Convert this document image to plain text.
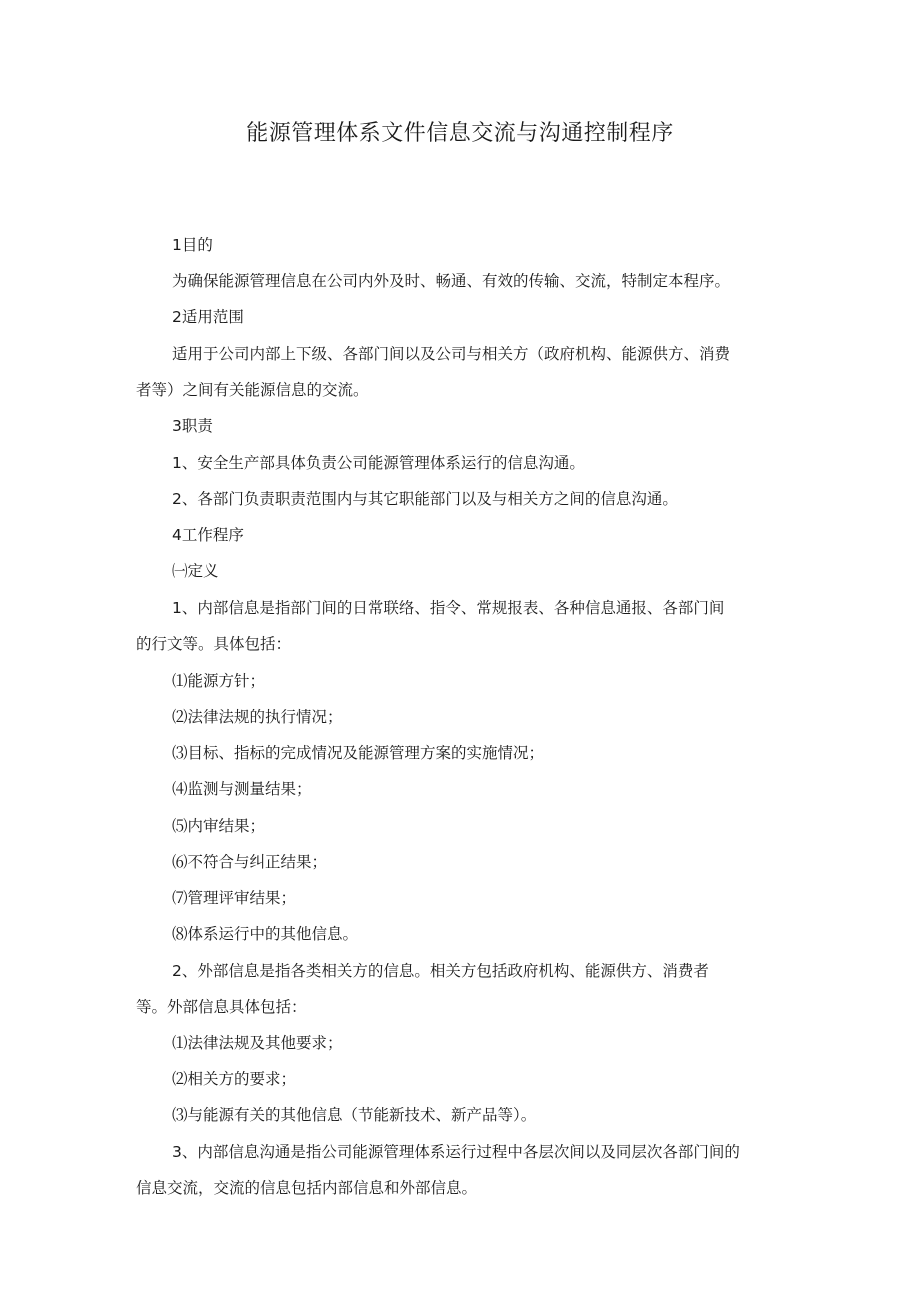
能源管理体系文件信息交流与沟通控制程序

1目的

为确保能源管理信息在公司内外及时、畅通、有效的传输、交流，特制定本程序。

2适用范围

适用于公司内部上下级、各部门间以及公司与相关方（政府机构、能源供方、消费

者等）之间有关能源信息的交流。

3职责

1、安全生产部具体负责公司能源管理体系运行的信息沟通。

2、各部门负责职责范围内与其它职能部门以及与相关方之间的信息沟通。

4工作程序

㈠定义

1、内部信息是指部门间的日常联络、指令、常规报表、各种信息通报、各部门间

的行文等。具体包括：

⑴能源方针；

⑵法律法规的执行情况；

⑶目标、指标的完成情况及能源管理方案的实施情况；

⑷监测与测量结果；

⑸内审结果；

⑹不符合与纠正结果；

⑺管理评审结果；

⑻体系运行中的其他信息。

2、外部信息是指各类相关方的信息。相关方包括政府机构、能源供方、消费者

等。外部信息具体包括：

⑴法律法规及其他要求；

⑵相关方的要求；

⑶与能源有关的其他信息（节能新技术、新产品等）。

3、内部信息沟通是指公司能源管理体系运行过程中各层次间以及同层次各部门间的

信息交流，交流的信息包括内部信息和外部信息。
